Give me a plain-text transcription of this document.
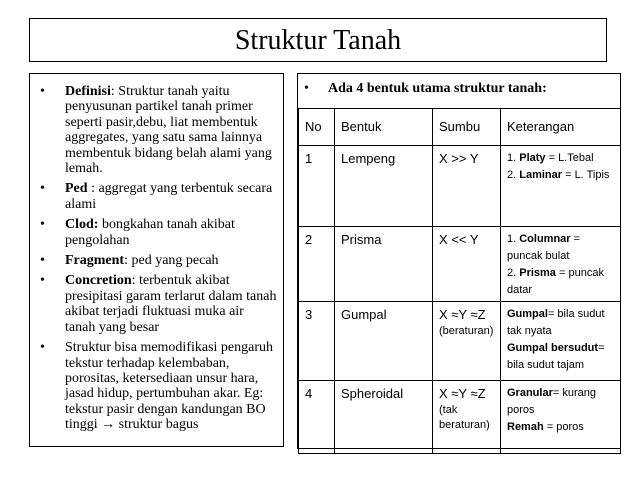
Struktur Tanah
• Definisi: Struktur tanah yaitu penyusunan partikel tanah primer seperti pasir,debu, liat membentuk aggregates, yang satu sama lainnya membentuk bidang belah alami yang lemah.
• Ped : aggregat yang terbentuk secara alami
• Clod: bongkahan tanah akibat pengolahan
• Fragment: ped yang pecah
• Concretion: terbentuk akibat presipitasi garam terlarut dalam tanah akibat terjadi fluktuasi muka air tanah yang besar
• Struktur bisa memodifikasi pengaruh tekstur terhadap kelembaban, porositas, ketersediaan unsur hara, jasad hidup, pertumbuhan akar. Eg: tekstur pasir dengan kandungan BO tinggi → struktur bagus
• Ada 4 bentuk utama struktur tanah:
No	Bentuk	Sumbu	Keterangan
1	Lempeng	X >> Y	1. Platy = L.Tebal
2. Laminar = L. Tipis

2	Prisma	X << Y	1. Columnar = puncak bulat
2. Prisma = puncak datar

3	Gumpal	X ≈Y ≈Z
(beraturan)	Gumpal= bila sudut tak nyata
Gumpal bersudut= bila sudut tajam

4	Spheroidal	X ≈Y ≈Z
(tak beraturan)	Granular= kurang poros
Remah = poros
